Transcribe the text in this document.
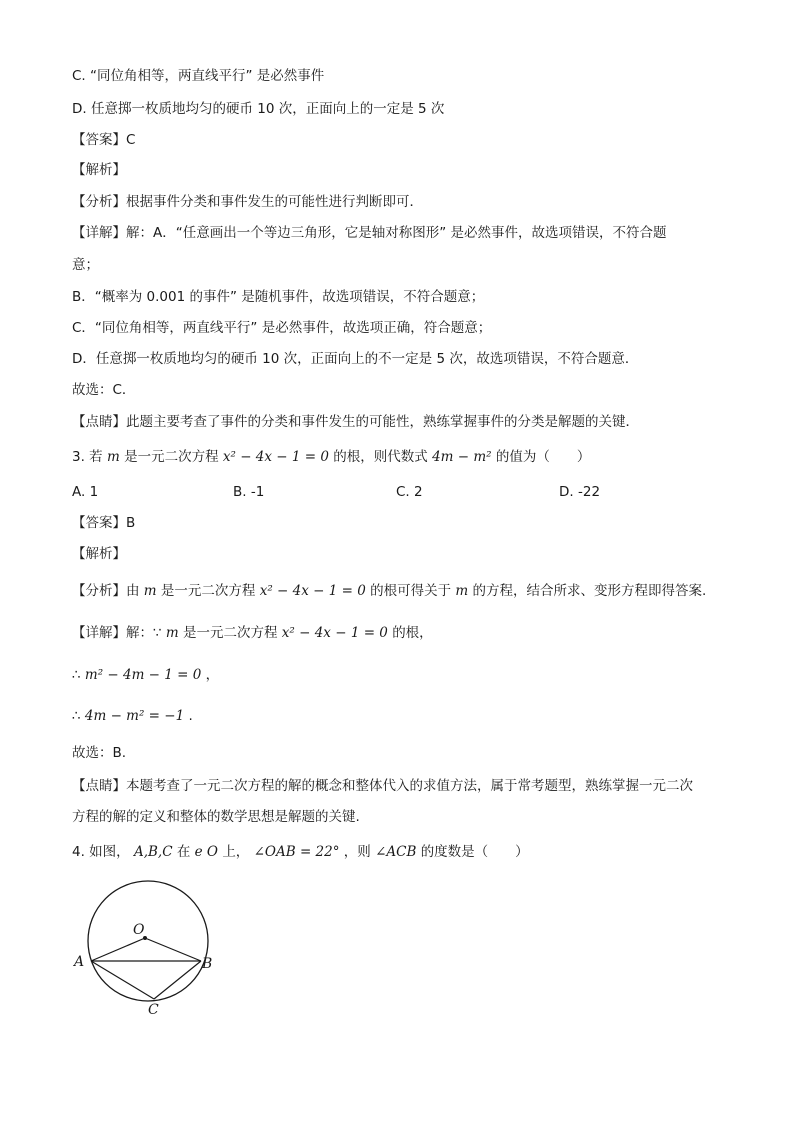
C. “同位角相等，两直线平行” 是必然事件
D. 任意掷一枚质地均匀的硬币 10 次，正面向上的一定是 5 次
【答案】C
【解析】
【分析】根据事件分类和事件发生的可能性进行判断即可．
【详解】解：A．“任意画出一个等边三角形，它是轴对称图形” 是必然事件，故选项错误，不符合题
意；
B．“概率为 0.001 的事件” 是随机事件，故选项错误，不符合题意；
C．“同位角相等，两直线平行” 是必然事件，故选项正确，符合题意；
D．任意掷一枚质地均匀的硬币 10 次，正面向上的不一定是 5 次，故选项错误，不符合题意．
故选：C．
【点睛】此题主要考查了事件的分类和事件发生的可能性，熟练掌握事件的分类是解题的关键．
3. 若 m 是一元二次方程 x² − 4x − 1 = 0 的根，则代数式 4m − m² 的值为（　　）
A. 1	B. -1	C. 2	D. -22
【答案】B
【解析】
【分析】由 m 是一元二次方程 x² − 4x − 1 = 0 的根可得关于 m 的方程，结合所求、变形方程即得答案.
【详解】解：∵ m 是一元二次方程 x² − 4x − 1 = 0 的根，
∴ m² − 4m − 1 = 0 ，
∴ 4m − m² = −1 .
故选：B.
【点睛】本题考查了一元二次方程的解的概念和整体代入的求值方法，属于常考题型，熟练掌握一元二次
方程的解的定义和整体的数学思想是解题的关键.
4. 如图， A,B,C 在 e O 上， ∠OAB = 22° ，则 ∠ACB 的度数是（　　）
O
A	B
C
